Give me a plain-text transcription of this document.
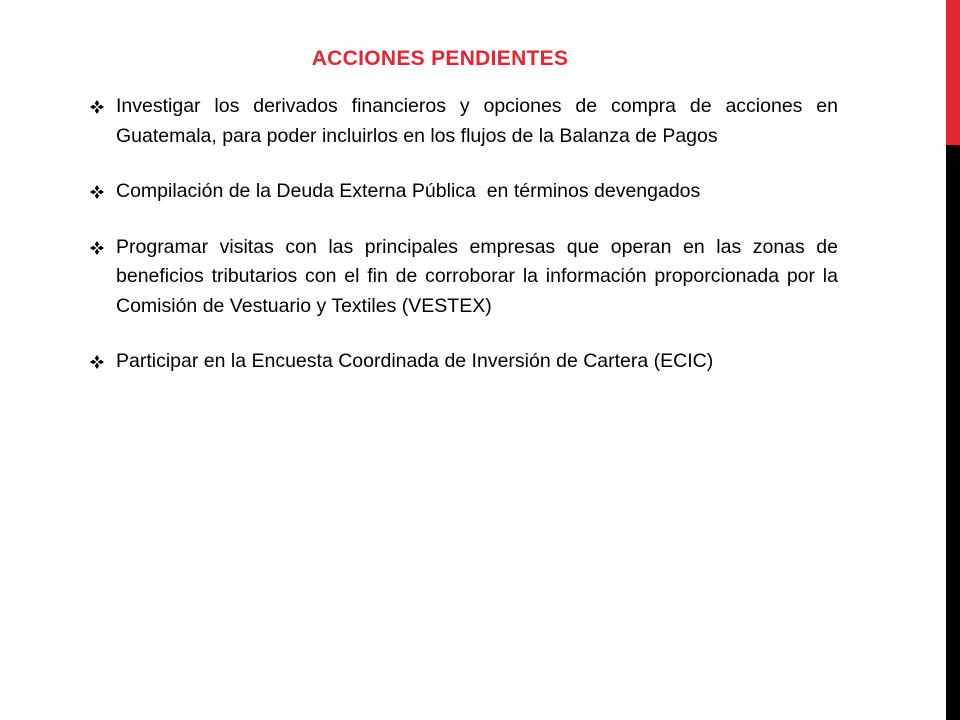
ACCIONES PENDIENTES
Investigar los derivados financieros y opciones de compra de acciones en Guatemala, para poder incluirlos en los flujos de la Balanza de Pagos
Compilación de la Deuda Externa Pública  en términos devengados
Programar visitas con las principales empresas que operan en las zonas de beneficios tributarios con el fin de corroborar la información proporcionada por la Comisión de Vestuario y Textiles (VESTEX)
Participar en la Encuesta Coordinada de Inversión de Cartera (ECIC)
